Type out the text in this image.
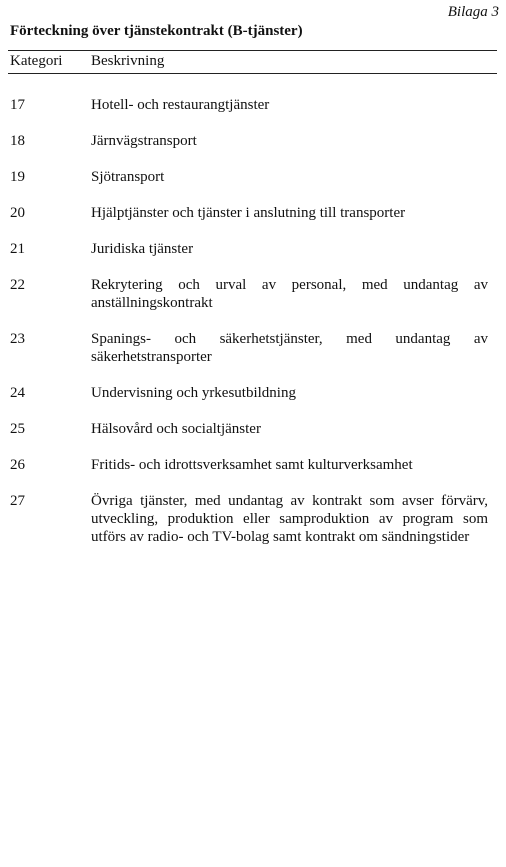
Bilaga 3
Förteckning över tjänstekontrakt (B-tjänster)
Kategori Beskrivning
17	Hotell- och restaurangtjänster
18	Järnvägstransport
19	Sjötransport
20	Hjälptjänster och tjänster i anslutning till transporter
21	Juridiska tjänster
22	Rekrytering och urval av personal, med undantag av anställningskontrakt
23	Spanings- och säkerhetstjänster, med undantag av säkerhetstransporter
24	Undervisning och yrkesutbildning
25	Hälsovård och socialtjänster
26	Fritids- och idrottsverksamhet samt kulturverksamhet
27	Övriga tjänster, med undantag av kontrakt som avser förvärv, utveckling, produktion eller samproduktion av program som utförs av radio- och TV-bolag samt kontrakt om sändningstider
